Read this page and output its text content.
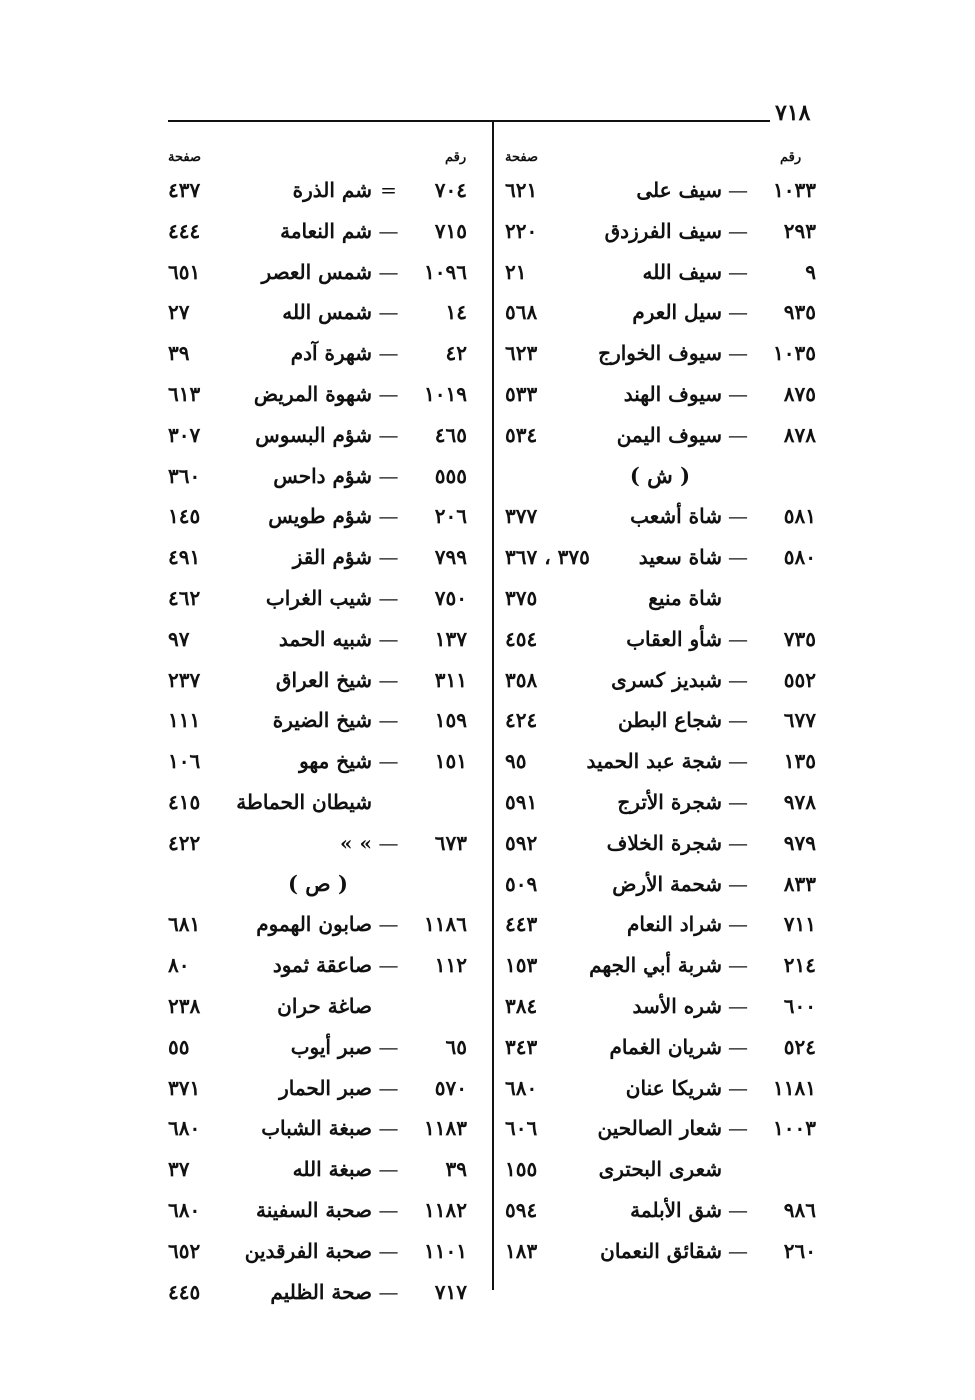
٧١٨
رقم
صفحة
رقم
صفحة
١٠٣٣
—
سيف على
٦٢١
٢٩٣
—
سيف الفرزدق
٢٢٠
٩
—
سيف الله
٢١
٩٣٥
—
سيل العرم
٥٦٨
١٠٣٥
—
سيوف الخوارج
٦٢٣
٨٧٥
—
سيوف الهند
٥٣٣
٨٧٨
—
سيوف اليمن
٥٣٤
( ش )
٥٨١
—
شاة أشعب
٣٧٧
٥٨٠
—
شاة سعيد
٣٧٥ ، ٣٦٧
شاة منيع
٣٧٥
٧٣٥
—
شأو العقاب
٤٥٤
٥٥٢
—
شبديز كسرى
٣٥٨
٦٧٧
—
شجاع البطن
٤٢٤
١٣٥
—
شجة عبد الحميد
٩٥
٩٧٨
—
شجرة الأترج
٥٩١
٩٧٩
—
شجرة الخلاف
٥٩٢
٨٣٣
—
شحمة الأرض
٥٠٩
٧١١
—
شراد النعام
٤٤٣
٢١٤
—
شربة أبي الجهم
١٥٣
٦٠٠
—
شره الأسد
٣٨٤
٥٢٤
—
شريان الغمام
٣٤٣
١١٨١
—
شريكا عنان
٦٨٠
١٠٠٣
—
شعار الصالحين
٦٠٦
شعرى البحترى
١٥٥
٩٨٦
—
شق الأبلمة
٥٩٤
٢٦٠
—
شقائق النعمان
١٨٣
٧٠٤
=
شم الذرة
٤٣٧
٧١٥
—
شم النعامة
٤٤٤
١٠٩٦
—
شمس العصر
٦٥١
١٤
—
شمس الله
٢٧
٤٢
—
شهرة آدم
٣٩
١٠١٩
—
شهوة المريض
٦١٣
٤٦٥
—
شؤم البسوس
٣٠٧
٥٥٥
—
شؤم داحس
٣٦٠
٢٠٦
—
شؤم طويس
١٤٥
٧٩٩
—
شؤم القز
٤٩١
٧٥٠
—
شيب الغراب
٤٦٢
١٣٧
—
شبيه الحمد
٩٧
٣١١
—
شيخ العراق
٢٣٧
١٥٩
—
شيخ الضيرة
١١١
١٥١
—
شيخ مهو
١٠٦
شيطان الحماطة
٤١٥
٦٧٣
—
» »
٤٢٢
( ص )
١١٨٦
—
صابون الهموم
٦٨١
١١٢
—
صاعقة ثمود
٨٠
صاغة حران
٢٣٨
٦٥
—
صبر أيوب
٥٥
٥٧٠
—
صبر الحمار
٣٧١
١١٨٣
—
صبغة الشباب
٦٨٠
٣٩
—
صبغة الله
٣٧
١١٨٢
—
صحبة السفينة
٦٨٠
١١٠١
—
صحبة الفرقدين
٦٥٢
٧١٧
—
صحة الظليم
٤٤٥
